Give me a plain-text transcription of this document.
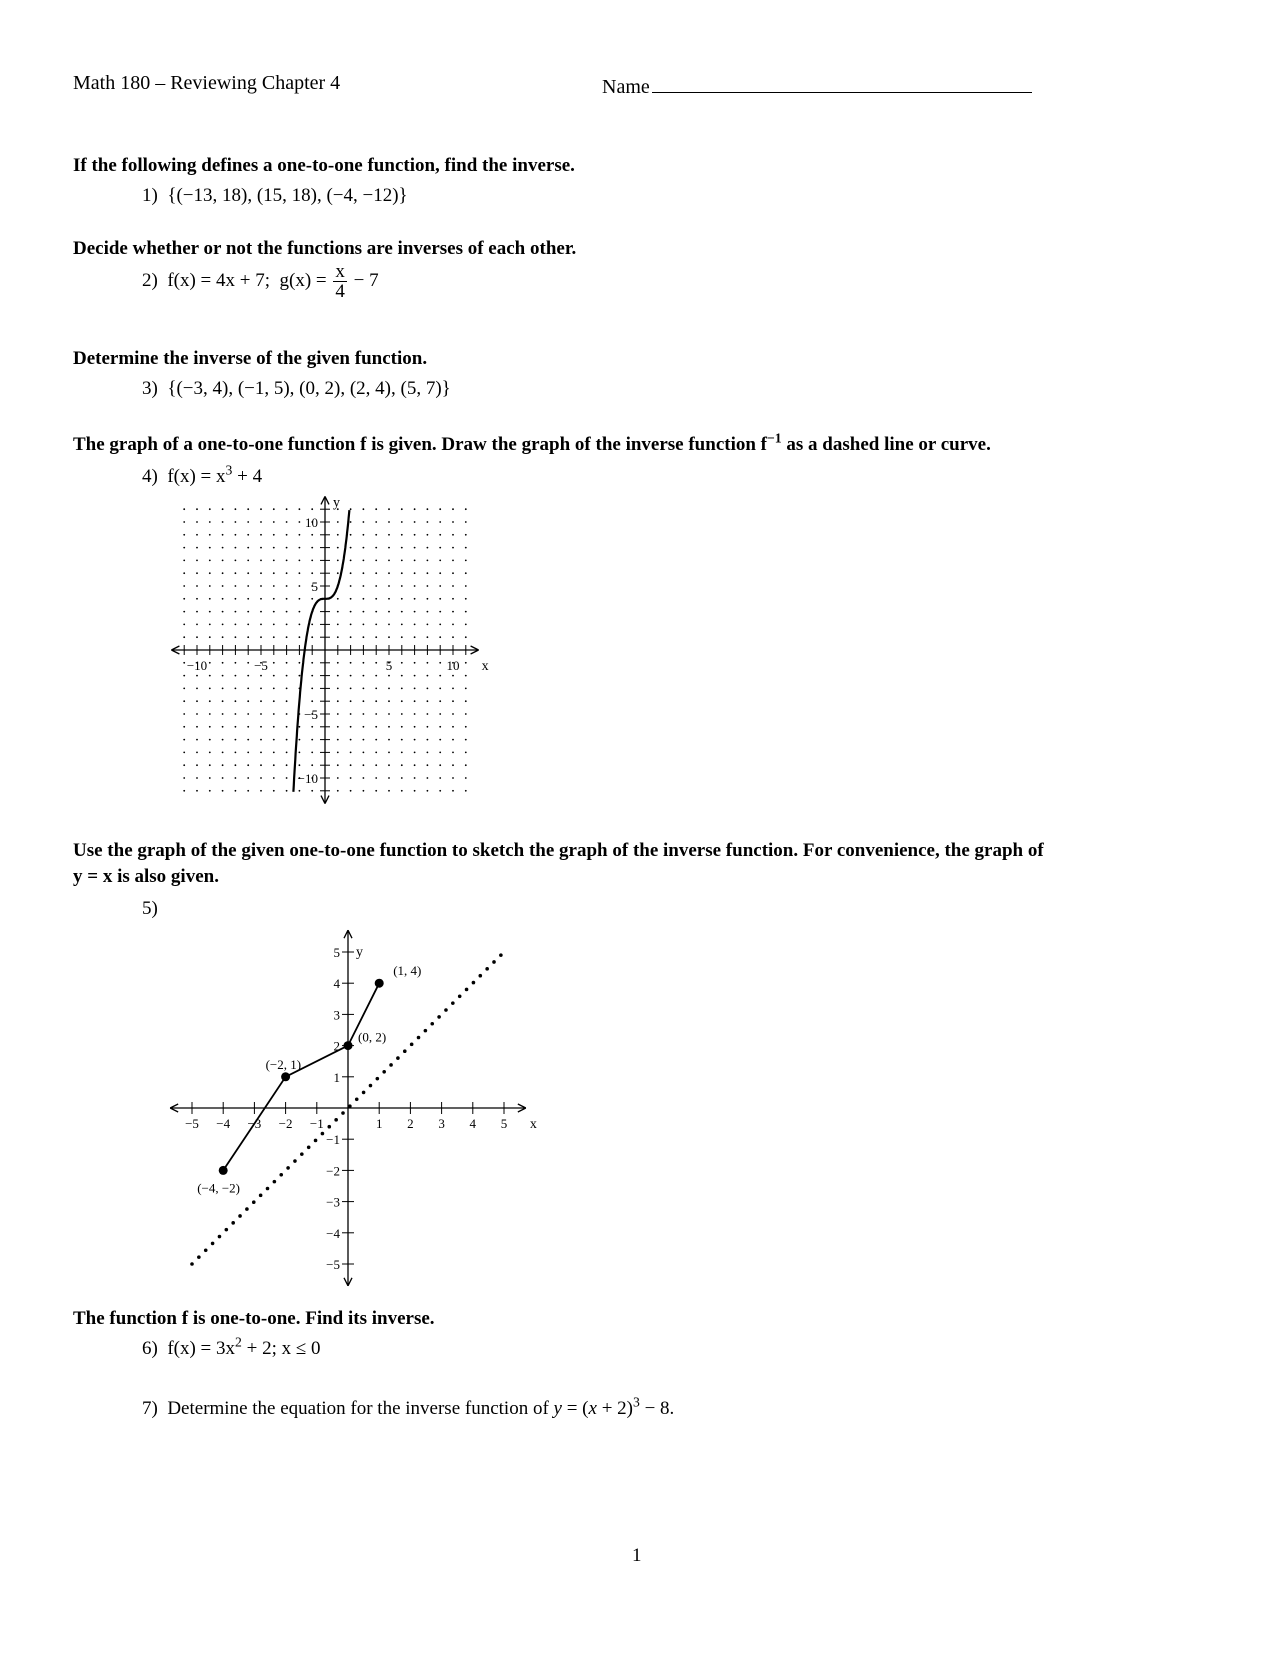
Math 180 – Reviewing Chapter 4	Name
If the following defines a one-to-one function, find the inverse.
1) {(−13, 18), (15, 18), (−4, −12)}
Decide whether or not the functions are inverses of each other.
2) f(x) = 4x + 7; $g(x) = \frac{x}{4} - 7$
Determine the inverse of the given function.
3) {(−3, 4), (−1, 5), (0, 2), (2, 4), (5, 7)}
The graph of a one-to-one function f is given. Draw the graph of the inverse function $f^{-1}$ as a dashed line or curve.
4) $f(x) = x^3 + 4$
−10	−5	5	10
10
5
−5
−10
x
y
Use the graph of the given one-to-one function to sketch the graph of the inverse function. For convenience, the graph of
y = x is also given.
5)
−5 −4 −3 −2 −1	1 2 3 4 5
5
4
3
2
1
−1
−2
−3
−4
−5
x
y
(−4, −2)
(−2, 1)
(0, 2)
(1, 4)
The function f is one-to-one. Find its inverse.
6) $f(x) = 3x^2 + 2$; x ≤ 0
7) Determine the equation for the inverse function of $y = (x + 2)^3 - 8$.
1
